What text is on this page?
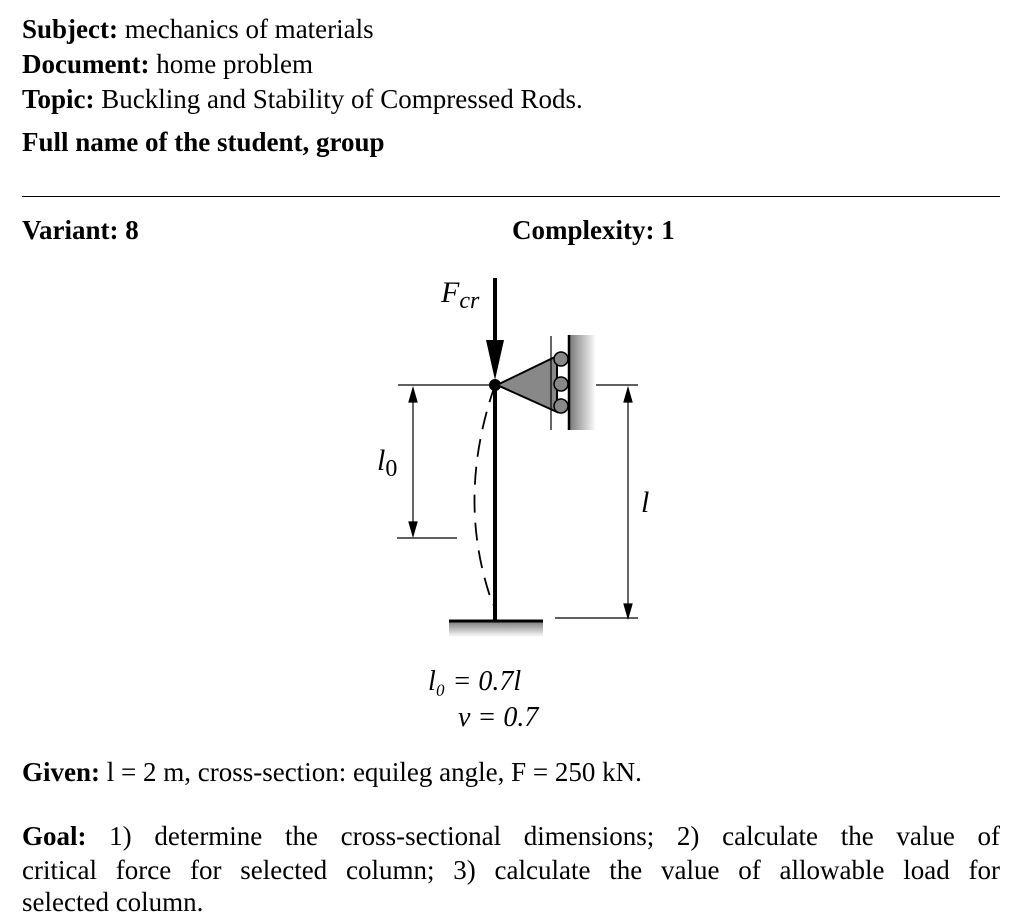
Subject: mechanics of materials
Document: home problem
Topic: Buckling and Stability of Compressed Rods.
Full name of the student, group
Variant: 8	Complexity: 1
$F_{cr}$
$l_0$
l
l₀ = 0.7l
v = 0.7
Given: l = 2 m, cross-section: equileg angle, F = 250 kN.
Goal: 1) determine the cross-sectional dimensions; 2) calculate the value of
critical force for selected column; 3) calculate the value of allowable load for
selected column.
